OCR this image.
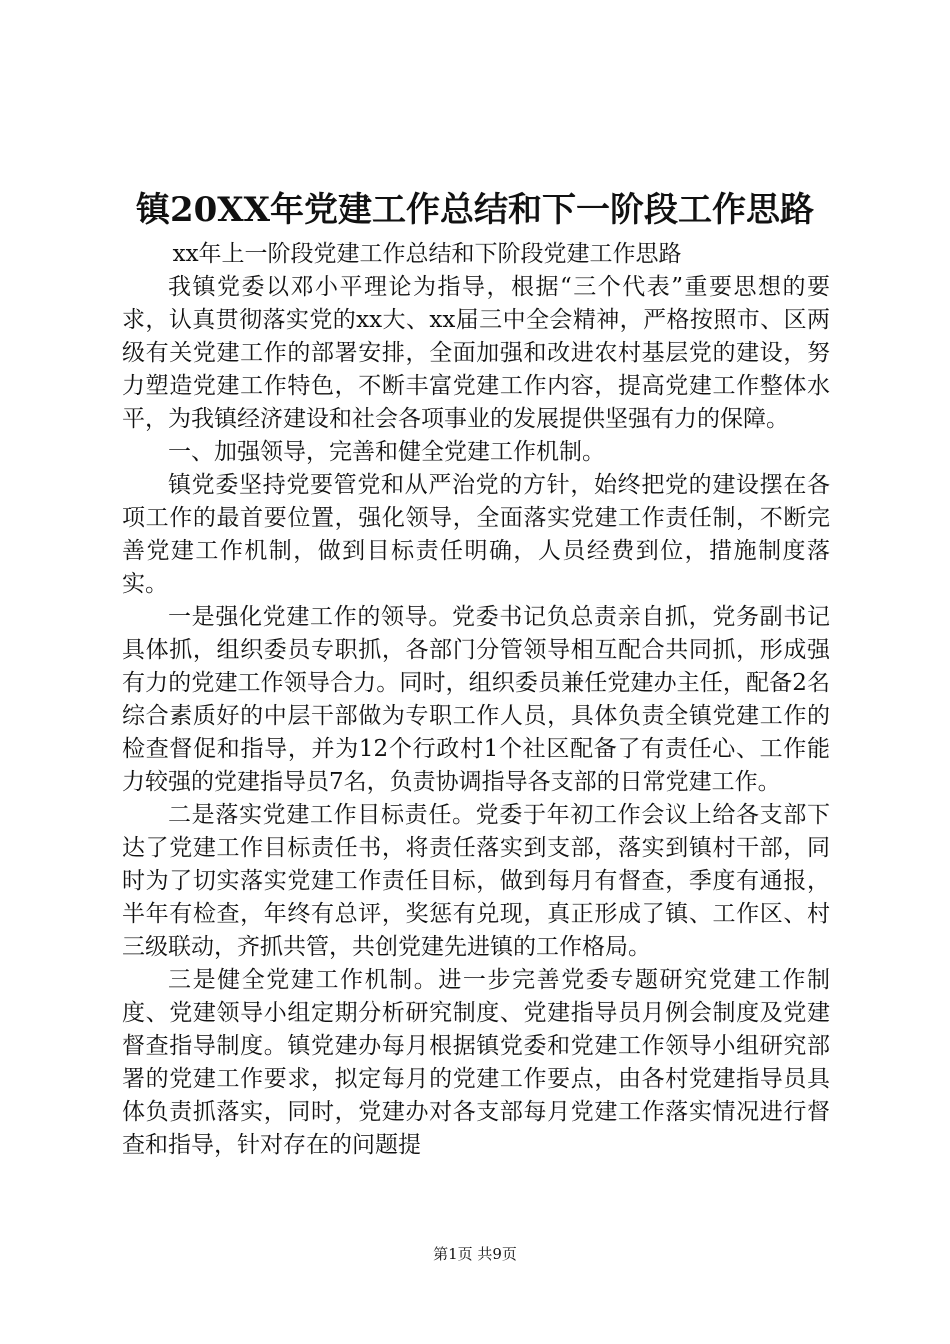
镇20XX年党建工作总结和下一阶段工作思路

xx年上一阶段党建工作总结和下阶段党建工作思路

我镇党委以邓小平理论为指导，根据“三个代表”重要思想的要求，认真贯彻落实党的xx大、xx届三中全会精神，严格按照市、区两级有关党建工作的部署安排，全面加强和改进农村基层党的建设，努力塑造党建工作特色，不断丰富党建工作内容，提高党建工作整体水平，为我镇经济建设和社会各项事业的发展提供坚强有力的保障。

一、加强领导，完善和健全党建工作机制。

镇党委坚持党要管党和从严治党的方针，始终把党的建设摆在各项工作的最首要位置，强化领导，全面落实党建工作责任制，不断完善党建工作机制，做到目标责任明确，人员经费到位，措施制度落实。

一是强化党建工作的领导。党委书记负总责亲自抓，党务副书记具体抓，组织委员专职抓，各部门分管领导相互配合共同抓，形成强有力的党建工作领导合力。同时，组织委员兼任党建办主任，配备2名综合素质好的中层干部做为专职工作人员，具体负责全镇党建工作的检查督促和指导，并为12个行政村1个社区配备了有责任心、工作能力较强的党建指导员7名，负责协调指导各支部的日常党建工作。

二是落实党建工作目标责任。党委于年初工作会议上给各支部下达了党建工作目标责任书，将责任落实到支部，落实到镇村干部，同时为了切实落实党建工作责任目标，做到每月有督查，季度有通报，半年有检查，年终有总评，奖惩有兑现，真正形成了镇、工作区、村三级联动，齐抓共管，共创党建先进镇的工作格局。

三是健全党建工作机制。进一步完善党委专题研究党建工作制度、党建领导小组定期分析研究制度、党建指导员月例会制度及党建督查指导制度。镇党建办每月根据镇党委和党建工作领导小组研究部署的党建工作要求，拟定每月的党建工作要点，由各村党建指导员具体负责抓落实，同时，党建办对各支部每月党建工作落实情况进行督查和指导，针对存在的问题提

第1页 共9页
